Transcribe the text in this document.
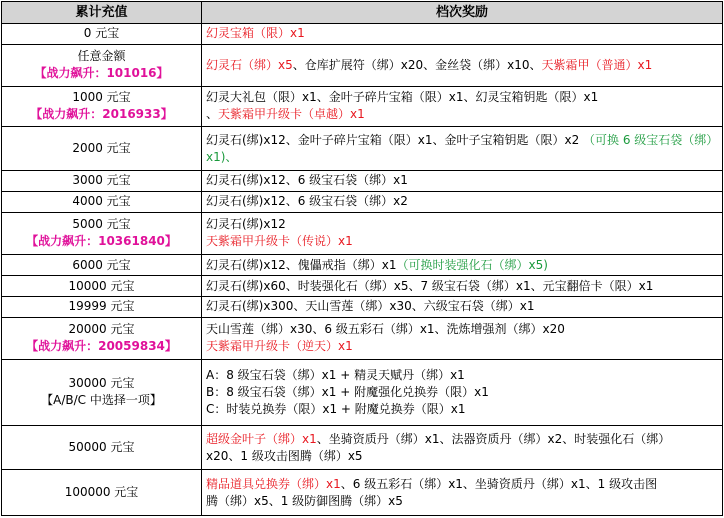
累计充值	档次奖励

0 元宝	幻灵宝箱（限）x1

任意金额
【战力飙升：101016】	幻灵石（绑）x5、仓库扩展符（绑）x20、金丝袋（绑）x10、天紫霜甲（普通）x1

1000 元宝
【战力飙升：2016933】	幻灵大礼包（限）x1、金叶子碎片宝箱（限）x1、幻灵宝箱钥匙（限）x1
、天紫霜甲升级卡（卓越）x1

2000 元宝	幻灵石(绑)x12、金叶子碎片宝箱（限）x1、金叶子宝箱钥匙（限）x2 （可换 6 级宝石袋（绑）x1)、

3000 元宝	幻灵石(绑)x12、6 级宝石袋（绑）x1

4000 元宝	幻灵石(绑)x12、6 级宝石袋（绑）x2

5000 元宝
【战力飙升：10361840】	幻灵石(绑)x12
天紫霜甲升级卡（传说）x1

6000 元宝	幻灵石(绑)x12、傀儡戒指（绑）x1（可换时装强化石（绑）x5)

10000 元宝	幻灵石(绑)x60、时装强化石（绑）x5、7 级宝石袋（绑）x1、元宝翻倍卡（限）x1

19999 元宝	幻灵石(绑)x300、天山雪莲（绑）x30、六级宝石袋（绑）x1

20000 元宝
【战力飙升：20059834】	天山雪莲（绑）x30、6 级五彩石（绑）x1、洗炼增强剂（绑）x20
天紫霜甲升级卡（逆天）x1

30000 元宝
【A/B/C 中选择一项】	A：8 级宝石袋（绑）x1 + 精灵天赋丹（绑）x1
B：8 级宝石袋（绑）x1 + 附魔强化兑换券（限）x1
C：时装兑换券（限）x1 + 附魔兑换券（限）x1

50000 元宝	超级金叶子（绑）x1、坐骑资质丹（绑）x1、法器资质丹（绑）x2、时装强化石（绑）
x20、1 级攻击图腾（绑）x5

100000 元宝	精品道具兑换券（绑）x1、6 级五彩石（绑）x1、坐骑资质丹（绑）x1、1 级攻击图
腾（绑）x5、1 级防御图腾（绑）x5
